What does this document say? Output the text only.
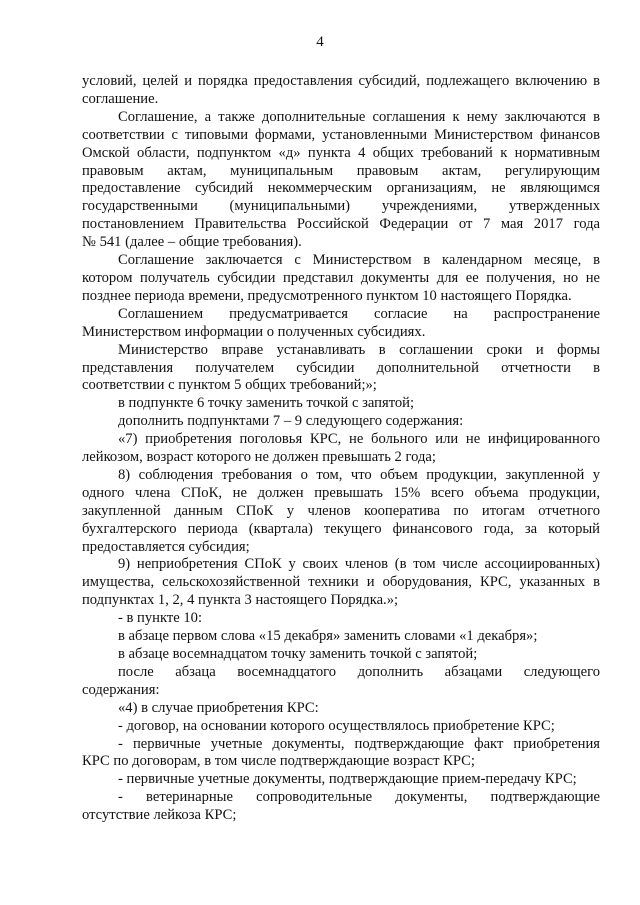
4

условий, целей и порядка предоставления субсидий, подлежащего включению в

соглашение.

Соглашение, а также дополнительные соглашения к нему заключаются в

соответствии с типовыми формами, установленными Министерством финансов

Омской области, подпунктом «д» пункта 4 общих требований к нормативным

правовым актам, муниципальным правовым актам, регулирующим

предоставление субсидий некоммерческим организациям, не являющимся

государственными (муниципальными) учреждениями, утвержденных

постановлением Правительства Российской Федерации от 7 мая 2017 года

№ 541 (далее – общие требования).

Соглашение заключается с Министерством в календарном месяце, в

котором получатель субсидии представил документы для ее получения, но не

позднее периода времени, предусмотренного пунктом 10 настоящего Порядка.

Соглашением предусматривается согласие на распространение

Министерством информации о полученных субсидиях.

Министерство вправе устанавливать в соглашении сроки и формы

представления получателем субсидии дополнительной отчетности в

соответствии с пунктом 5 общих требований;»;

в подпункте 6 точку заменить точкой с запятой;

дополнить подпунктами 7 – 9 следующего содержания:

«7) приобретения поголовья КРС, не больного или не инфицированного

лейкозом, возраст которого не должен превышать 2 года;

8) соблюдения требования о том, что объем продукции, закупленной у

одного члена СПоК, не должен превышать 15% всего объема продукции,

закупленной данным СПоК у членов кооператива по итогам отчетного

бухгалтерского периода (квартала) текущего финансового года, за который

предоставляется субсидия;

9) неприобретения СПоК у своих членов (в том числе ассоциированных)

имущества, сельскохозяйственной техники и оборудования, КРС, указанных в

подпунктах 1, 2, 4 пункта 3 настоящего Порядка.»;

- в пункте 10:

в абзаце первом слова «15 декабря» заменить словами «1 декабря»;

в абзаце восемнадцатом точку заменить точкой с запятой;

после абзаца восемнадцатого дополнить абзацами следующего

содержания:

«4) в случае приобретения КРС:

- договор, на основании которого осуществлялось приобретение КРС;

- первичные учетные документы, подтверждающие факт приобретения

КРС по договорам, в том числе подтверждающие возраст КРС;

- первичные учетные документы, подтверждающие прием-передачу КРС;

- ветеринарные сопроводительные документы, подтверждающие

отсутствие лейкоза КРС;
